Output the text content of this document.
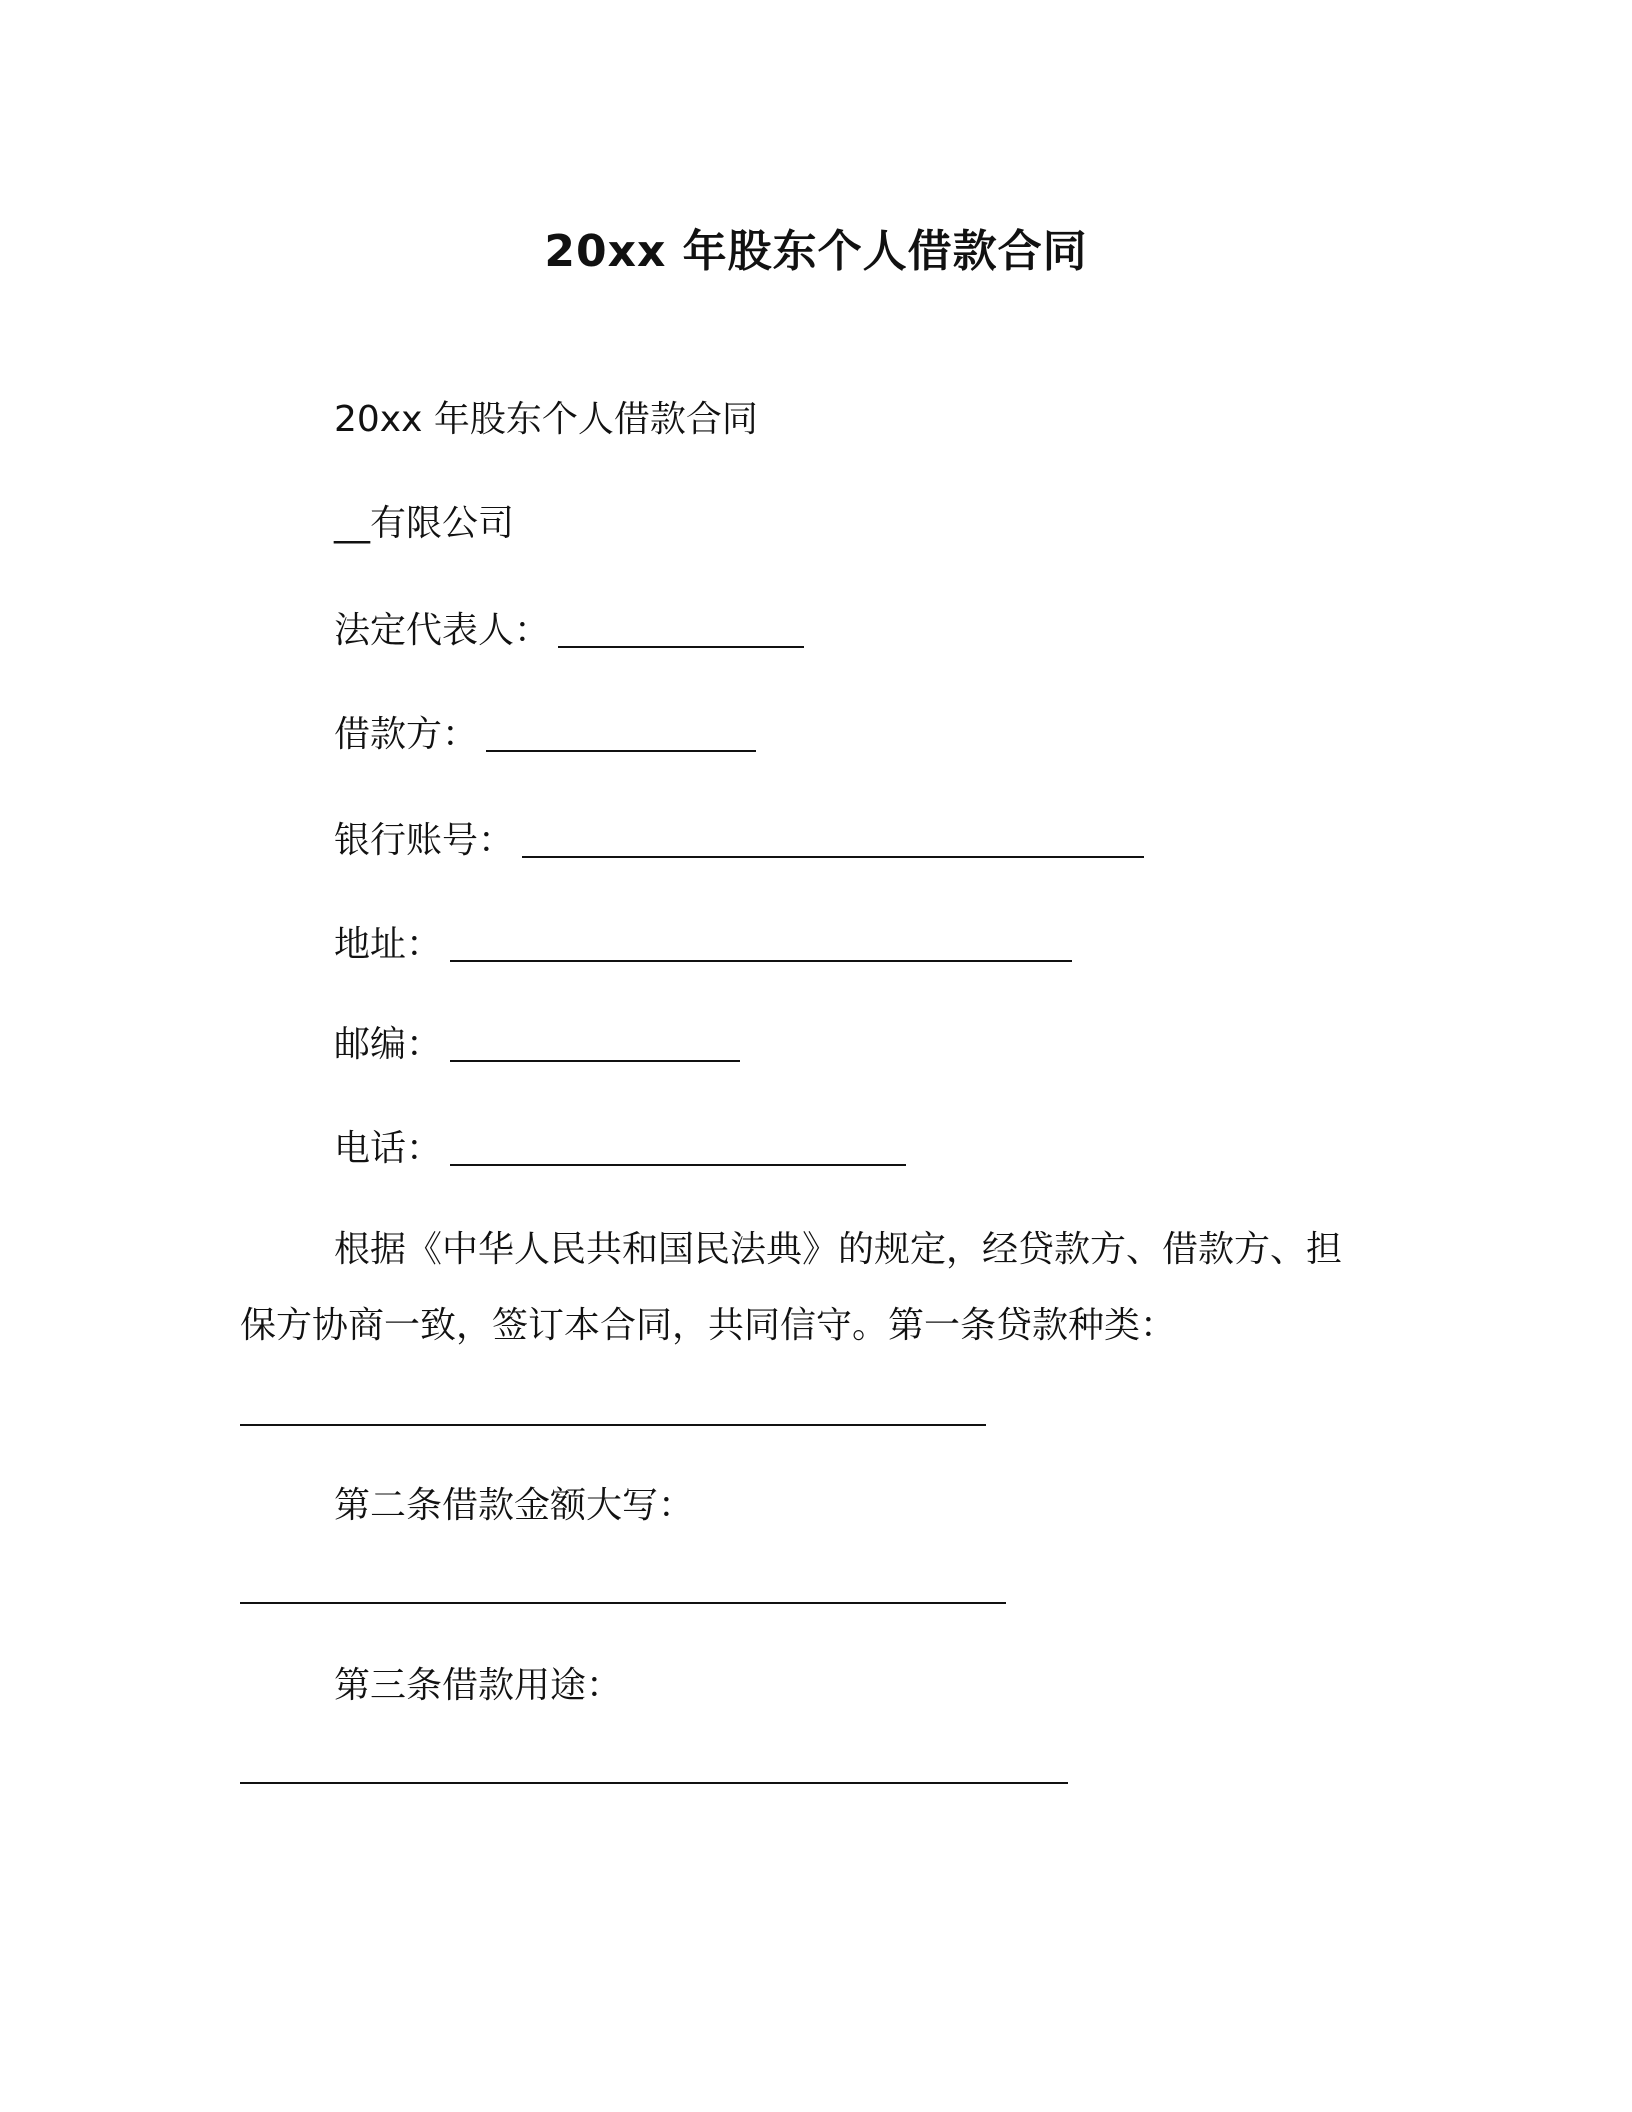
20xx 年股东个人借款合同
20xx 年股东个人借款合同
__有限公司
法定代表人：
借款方：
银行账号：
地址：
邮编：
电话：
根据《中华人民共和国民法典》的规定，经贷款方、借款方、担
保方协商一致，签订本合同，共同信守。第一条贷款种类：
第二条借款金额大写：
第三条借款用途：
